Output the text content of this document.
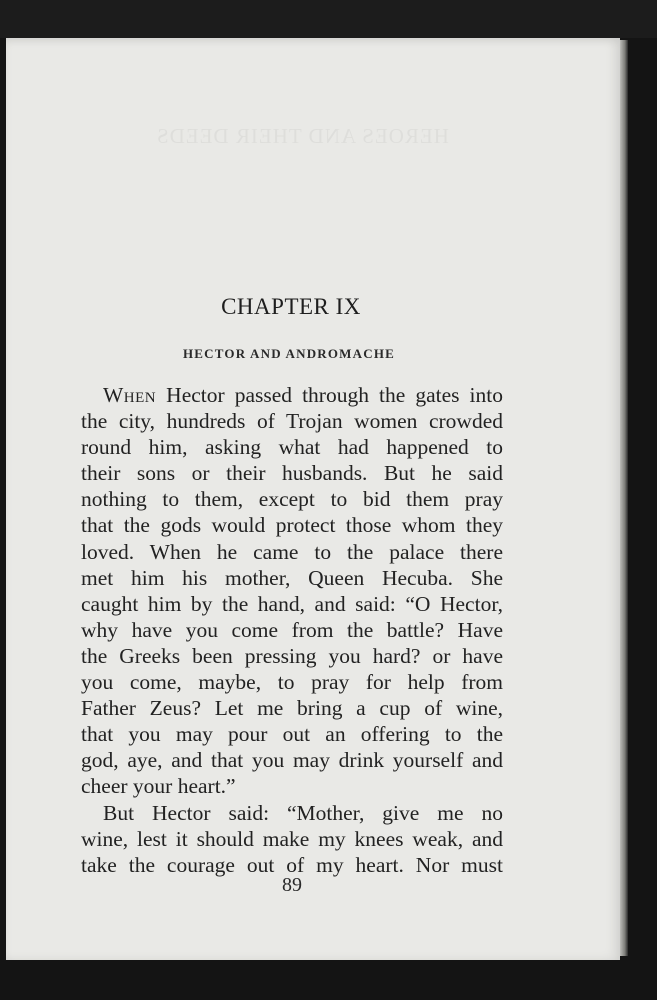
CHAPTER IX
HECTOR AND ANDROMACHE
When Hector passed through the gates into
the city, hundreds of Trojan women crowded
round him, asking what had happened to
their sons or their husbands. But he said
nothing to them, except to bid them pray
that the gods would protect those whom they
loved. When he came to the palace there
met him his mother, Queen Hecuba. She
caught him by the hand, and said: “O Hector,
why have you come from the battle? Have
the Greeks been pressing you hard? or have
you come, maybe, to pray for help from
Father Zeus? Let me bring a cup of wine,
that you may pour out an offering to the
god, aye, and that you may drink yourself and
cheer your heart.”
But Hector said: “Mother, give me no
wine, lest it should make my knees weak, and
take the courage out of my heart. Nor must
89
